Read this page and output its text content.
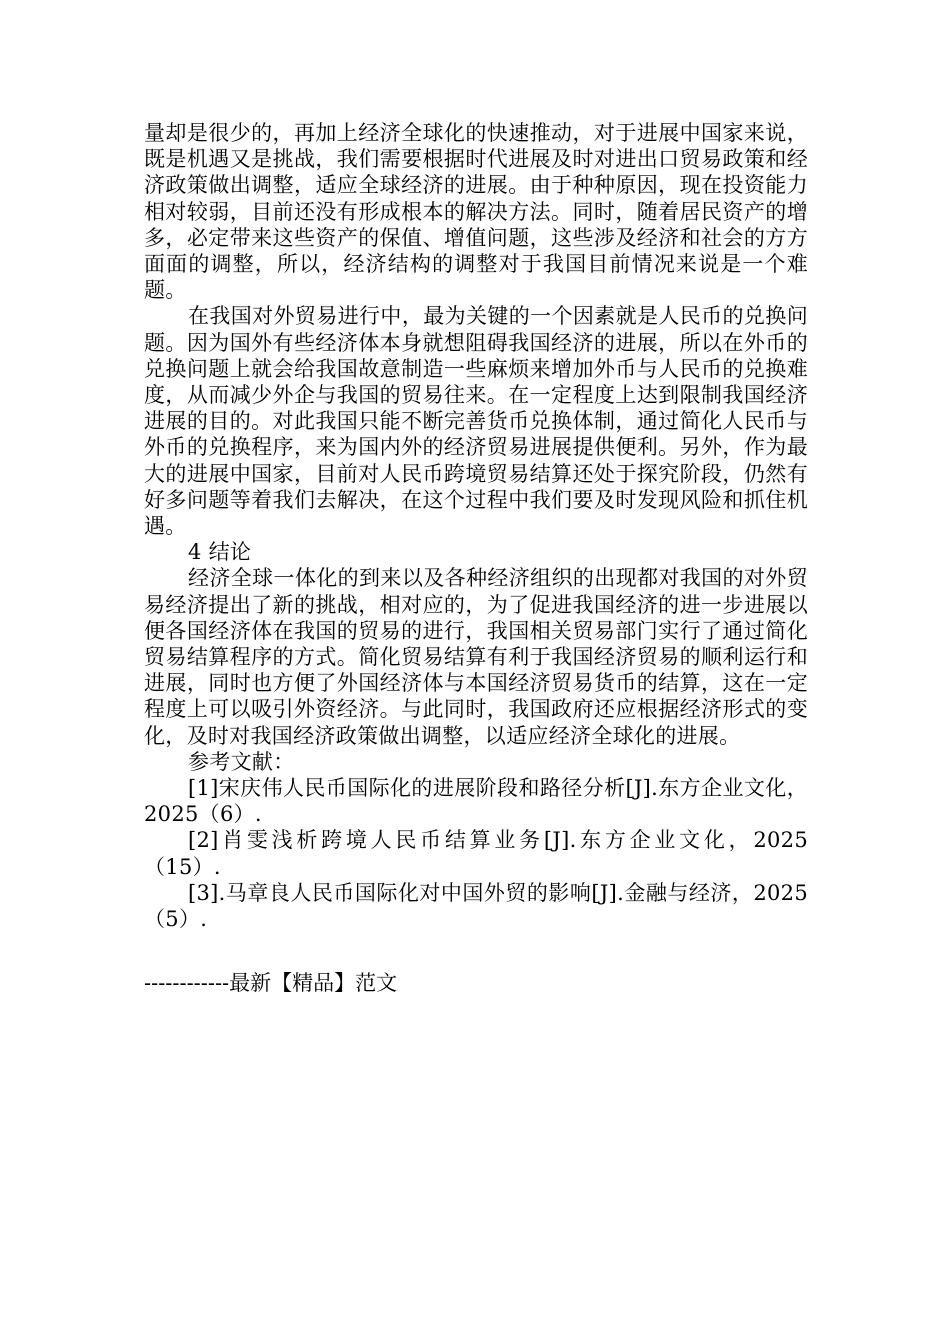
量却是很少的，再加上经济全球化的快速推动，对于进展中国家来说，既是机遇又是挑战，我们需要根据时代进展及时对进出口贸易政策和经济政策做出调整，适应全球经济的进展。由于种种原因，现在投资能力相对较弱，目前还没有形成根本的解决方法。同时，随着居民资产的增多，必定带来这些资产的保值、增值问题，这些涉及经济和社会的方方面面的调整，所以，经济结构的调整对于我国目前情况来说是一个难题。

在我国对外贸易进行中，最为关键的一个因素就是人民币的兑换问题。因为国外有些经济体本身就想阻碍我国经济的进展，所以在外币的兑换问题上就会给我国故意制造一些麻烦来增加外币与人民币的兑换难度，从而减少外企与我国的贸易往来。在一定程度上达到限制我国经济进展的目的。对此我国只能不断完善货币兑换体制，通过简化人民币与外币的兑换程序，来为国内外的经济贸易进展提供便利。另外，作为最大的进展中国家，目前对人民币跨境贸易结算还处于探究阶段，仍然有好多问题等着我们去解决，在这个过程中我们要及时发现风险和抓住机遇。

4 结论

经济全球一体化的到来以及各种经济组织的出现都对我国的对外贸易经济提出了新的挑战，相对应的，为了促进我国经济的进一步进展以便各国经济体在我国的贸易的进行，我国相关贸易部门实行了通过简化贸易结算程序的方式。简化贸易结算有利于我国经济贸易的顺利运行和进展，同时也方便了外国经济体与本国经济贸易货币的结算，这在一定程度上可以吸引外资经济。与此同时，我国政府还应根据经济形式的变化，及时对我国经济政策做出调整，以适应经济全球化的进展。

参考文献：

[1]宋庆伟人民币国际化的进展阶段和路径分析[J].东方企业文化，2025（6）.

[2]肖雯浅析跨境人民币结算业务[J].东方企业文化，2025（15）.

[3].马章良人民币国际化对中国外贸的影响[J].金融与经济，2025（5）.

------------最新【精品】范文
